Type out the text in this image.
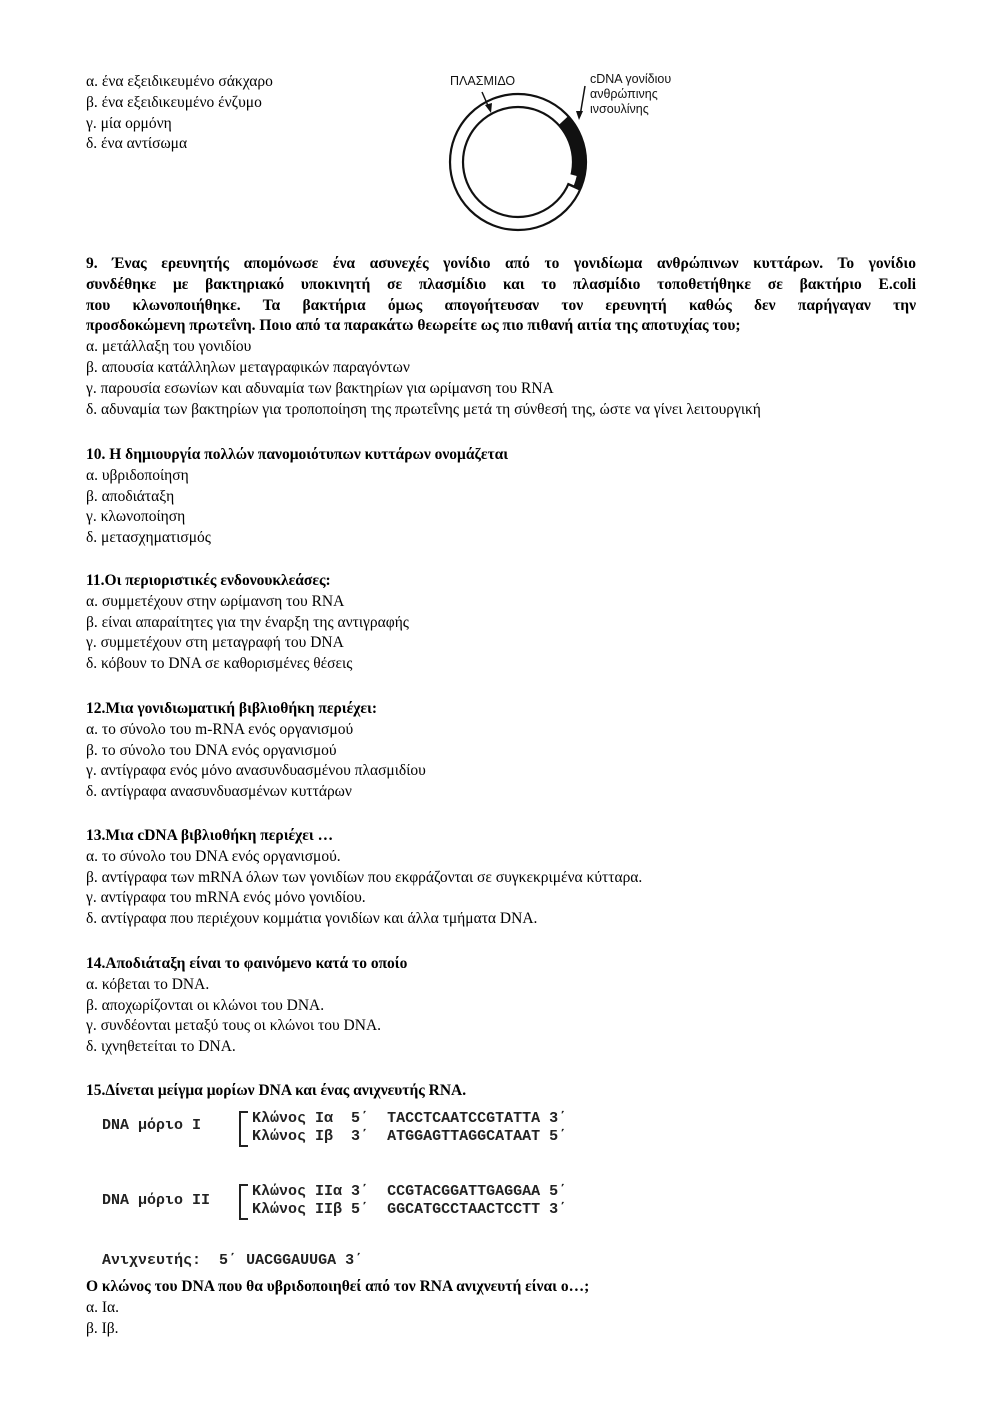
α. ένα εξειδικευμένο σάκχαρο
β. ένα εξειδικευμένο ένζυμο
γ. μία ορμόνη
δ. ένα αντίσωμα
9. Ένας ερευνητής απομόνωσε ένα ασυνεχές γονίδιο από το γονιδίωμα ανθρώπινων κυττάρων. Το γονίδιο
συνδέθηκε με βακτηριακό υποκινητή σε πλασμίδιο και το πλασμίδιο τοποθετήθηκε σε βακτήριο E.coli
που κλωνοποιήθηκε. Τα βακτήρια όμως απογοήτευσαν τον ερευνητή καθώς δεν παρήγαγαν την
προσδοκώμενη πρωτεΐνη. Ποιο από τα παρακάτω θεωρείτε ως πιο πιθανή αιτία της αποτυχίας του;
α. μετάλλαξη του γονιδίου
β. απουσία κατάλληλων μεταγραφικών παραγόντων
γ. παρουσία εσωνίων και αδυναμία των βακτηρίων για ωρίμανση του RNA
δ. αδυναμία των βακτηρίων για τροποποίηση της πρωτεΐνης μετά τη σύνθεσή της, ώστε να γίνει λειτουργική
10. Η δημιουργία πολλών πανομοιότυπων κυττάρων ονομάζεται
α. υβριδοποίηση
β. αποδιάταξη
γ. κλωνοποίηση
δ. μετασχηματισμός
11.Οι περιοριστικές ενδονουκλεάσες:
α. συμμετέχουν στην ωρίμανση του RNA
β. είναι απαραίτητες για την έναρξη της αντιγραφής
γ. συμμετέχουν στη μεταγραφή του DNA
δ. κόβουν το DNA σε καθορισμένες θέσεις
12.Μια γονιδιωματική βιβλιοθήκη περιέχει:
α. το σύνολο του m-RNA ενός οργανισμού
β. το σύνολο του DNA ενός οργανισμού
γ. αντίγραφα ενός μόνο ανασυνδυασμένου πλασμιδίου
δ. αντίγραφα ανασυνδυασμένων κυττάρων
13.Μια cDNA βιβλιοθήκη περιέχει …
α. το σύνολο του DNA ενός οργανισμού.
β. αντίγραφα των mRNA όλων των γονιδίων που εκφράζονται σε συγκεκριμένα κύτταρα.
γ. αντίγραφα του mRNA ενός μόνο γονιδίου.
δ. αντίγραφα που περιέχουν κομμάτια γονιδίων και άλλα τμήματα DNA.
14.Αποδιάταξη είναι το φαινόμενο κατά το οποίο
α. κόβεται το DNA.
β. αποχωρίζονται οι κλώνοι του DNA.
γ. συνδέονται μεταξύ τους οι κλώνοι του DNA.
δ. ιχνηθετείται το DNA.
15.Δίνεται μείγμα μορίων DNA και ένας ανιχνευτής RNA.
DNA μόριο I	Κλώνος Ια 5΄ TACCTCAATCCGTATTA 3΄
Κλώνος Ιβ 3΄ ATGGAGTTAGGCATAAT 5΄
DNA μόριο II
Κλώνος IIα 3΄ CCGTACGGATTGAGGAA 5΄
Κλώνος IIβ 5΄ GGCATGCCTAACTCCTT 3΄
Ανιχνευτής: 5΄ UACGGAUUGA 3΄
Ο κλώνος του DNA που θα υβριδοποιηθεί από τον RNA ανιχνευτή είναι ο…;
α. Ια.
β. Ιβ.
ΠΛΑΣΜΙΔΟ	cDNA γονίδιου
ανθρώπινης
ινσουλίνης
